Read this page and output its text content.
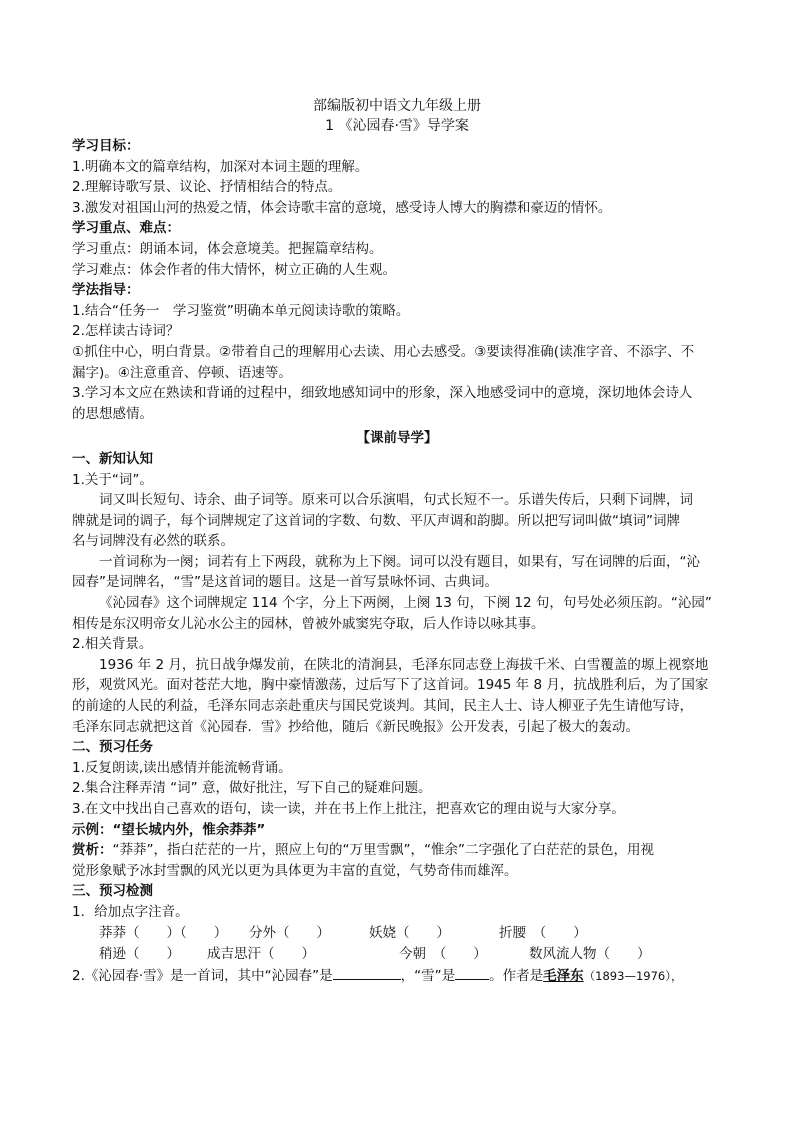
部编版初中语文九年级上册
1 《沁园春·雪》导学案
学习目标：
1.明确本文的篇章结构，加深对本词主题的理解。
2.理解诗歌写景、议论、抒情相结合的特点。
3.激发对祖国山河的热爱之情，体会诗歌丰富的意境，感受诗人博大的胸襟和豪迈的情怀。
学习重点、难点：
学习重点：朗诵本词，体会意境美。把握篇章结构。
学习难点：体会作者的伟大情怀，树立正确的人生观。
学法指导：
1.结合“任务一　学习鉴赏”明确本单元阅读诗歌的策略。
2.怎样读古诗词？
①抓住中心，明白背景。②带着自己的理解用心去读、用心去感受。③要读得准确(读准字音、不添字、不
漏字)。④注意重音、停顿、语速等。
3.学习本文应在熟读和背诵的过程中，细致地感知词中的形象，深入地感受词中的意境，深切地体会诗人
的思想感情。
【课前导学】
一、新知认知
1.关于“词”。
词又叫长短句、诗余、曲子词等。原来可以合乐演唱，句式长短不一。乐谱失传后，只剩下词牌，词
牌就是词的调子，每个词牌规定了这首词的字数、句数、平仄声调和韵脚。所以把写词叫做“填词”词牌
名与词牌没有必然的联系。
一首词称为一阕；词若有上下两段，就称为上下阕。词可以没有题目，如果有，写在词牌的后面，“沁
园春”是词牌名，“雪”是这首词的题目。这是一首写景咏怀词、古典词。
《沁园春》这个词牌规定 114 个字，分上下两阕，上阕 13 句，下阕 12 句，句号处必须压韵。“沁园”
相传是东汉明帝女儿沁水公主的园林，曾被外戚窦宪夺取，后人作诗以咏其事。
2.相关背景。
1936 年 2 月，抗日战争爆发前，在陕北的清涧县，毛泽东同志登上海拔千米、白雪覆盖的塬上视察地
形，观赏风光。面对苍茫大地，胸中豪情激荡，过后写下了这首词。1945 年 8 月，抗战胜利后，为了国家
的前途的人民的利益，毛泽东同志亲赴重庆与国民党谈判。其间，民主人士、诗人柳亚子先生请他写诗，
毛泽东同志就把这首《沁园春．雪》抄给他，随后《新民晚报》公开发表，引起了极大的轰动。
二、预习任务
1.反复朗读,读出感情并能流畅背诵。
2.集合注释弄清 “词” 意，做好批注，写下自己的疑难问题。
3.在文中找出自己喜欢的语句，读一读，并在书上作上批注，把喜欢它的理由说与大家分享。
示例：“望长城内外，惟余莽莽”
赏析：“莽莽”，指白茫茫的一片，照应上句的“万里雪飘”，“惟余”二字强化了白茫茫的景色，用视
觉形象赋予冰封雪飘的风光以更为具体更为丰富的直觉，气势奇伟而雄浑。
三、预习检测
1．给加点字注音。
莽莽（　　）（　　）	分外（　　）	妖娆（　　）	折腰　（　　）
稍逊（　　）	成吉思汗（　　）	今朝　（　　）	数风流人物（　　）
2.《沁园春·雪》是一首词，其中“沁园春”是	，“雪”是	。作者是毛泽东（1893—1976），
